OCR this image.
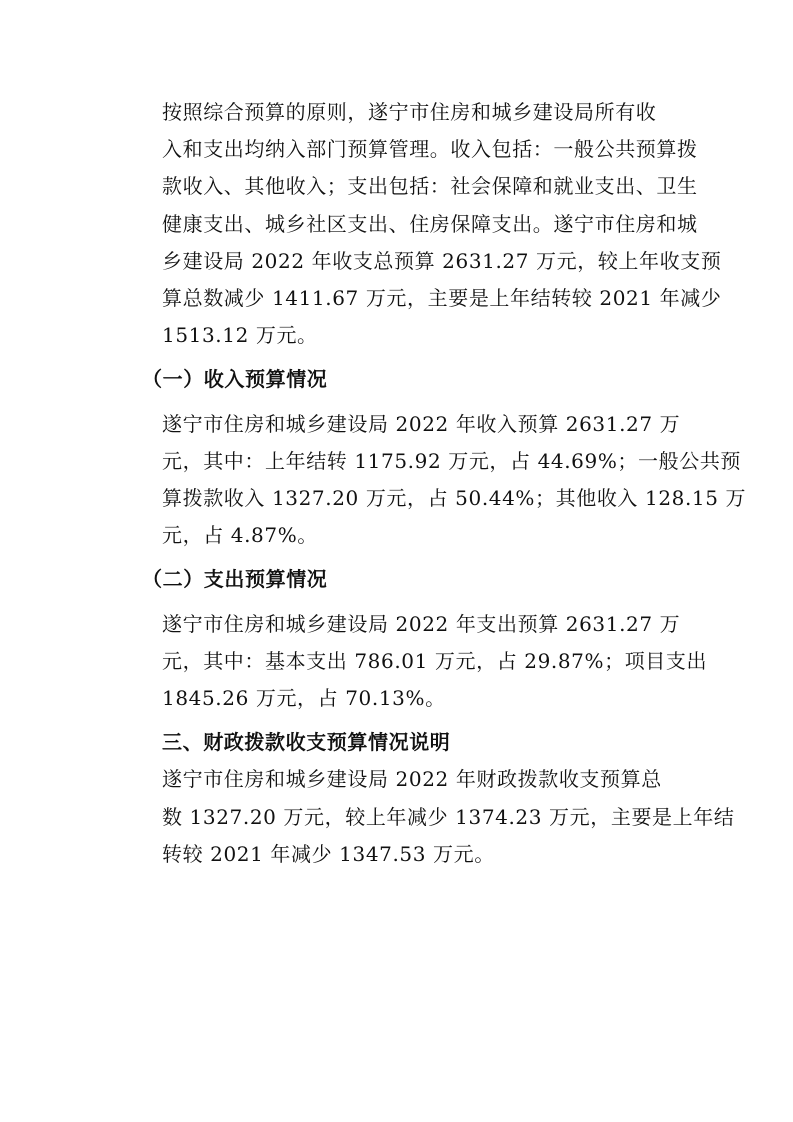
按照综合预算的原则，遂宁市住房和城乡建设局所有收
入和支出均纳入部门预算管理。收入包括：一般公共预算拨
款收入、其他收入；支出包括：社会保障和就业支出、卫生
健康支出、城乡社区支出、住房保障支出。遂宁市住房和城
乡建设局 2022 年收支总预算 2631.27 万元，较上年收支预
算总数减少 1411.67 万元，主要是上年结转较 2021 年减少
1513.12 万元。

（一）收入预算情况

遂宁市住房和城乡建设局 2022 年收入预算 2631.27 万
元，其中：上年结转 1175.92 万元，占 44.69%；一般公共预
算拨款收入 1327.20 万元，占 50.44%；其他收入 128.15 万
元，占 4.87%。

（二）支出预算情况

遂宁市住房和城乡建设局 2022 年支出预算 2631.27 万
元，其中：基本支出 786.01 万元，占 29.87%；项目支出
1845.26 万元，占 70.13%。

三、财政拨款收支预算情况说明

遂宁市住房和城乡建设局 2022 年财政拨款收支预算总
数 1327.20 万元，较上年减少 1374.23 万元，主要是上年结
转较 2021 年减少 1347.53 万元。
